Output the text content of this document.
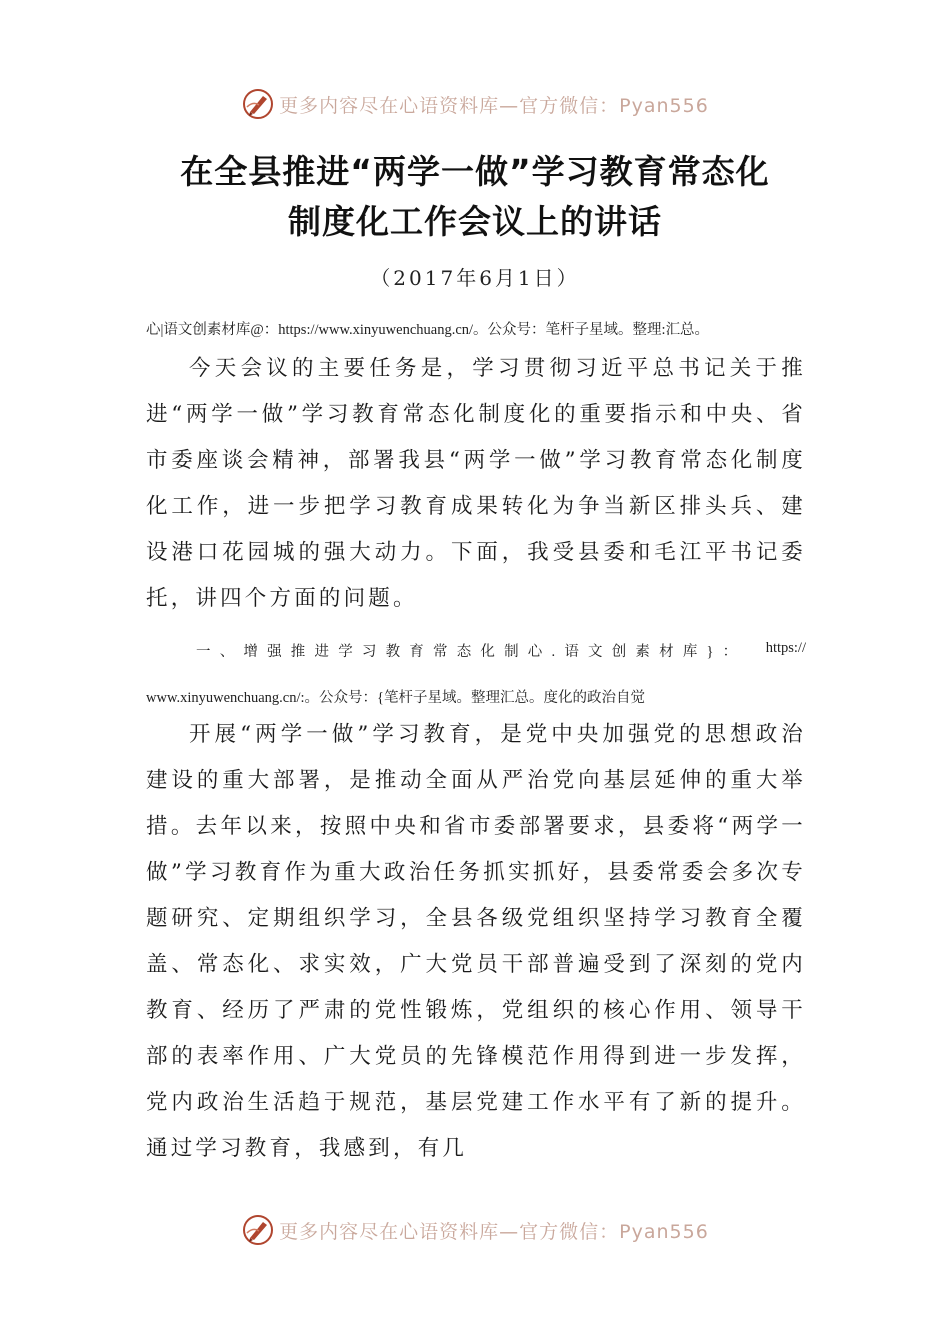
更多内容尽在心语资料库—官方微信：Pyan556
在全县推进“两学一做”学习教育常态化
制度化工作会议上的讲话
（2017年6月1日）
心|语文创素材库@：https://www.xinyuwenchuang.cn/。公众号：笔杆子星域。整理:汇总。

今天会议的主要任务是，学习贯彻习近平总书记关于推进“两学一做”学习教育常态化制度化的重要指示和中央、省市委座谈会精神，部署我县“两学一做”学习教育常态化制度化工作，进一步把学习教育成果转化为争当新区排头兵、建设港口花园城的强大动力。下面，我受县委和毛江平书记委托，讲四个方面的问题。

一、增强推进学习教育常态化制心.语文创素材库}： https://
www.xinyuwenchuang.cn/:。公众号：{笔杆子星域。整理汇总。度化的政治自觉

开展“两学一做”学习教育，是党中央加强党的思想政治建设的重大部署，是推动全面从严治党向基层延伸的重大举措。去年以来，按照中央和省市委部署要求，县委将“两学一做”学习教育作为重大政治任务抓实抓好，县委常委会多次专题研究、定期组织学习，全县各级党组织坚持学习教育全覆盖、常态化、求实效，广大党员干部普遍受到了深刻的党内教育、经历了严肃的党性锻炼，党组织的核心作用、领导干部的表率作用、广大党员的先锋模范作用得到进一步发挥，党内政治生活趋于规范，基层党建工作水平有了新的提升。通过学习教育，我感到，有几

更多内容尽在心语资料库—官方微信：Pyan556
